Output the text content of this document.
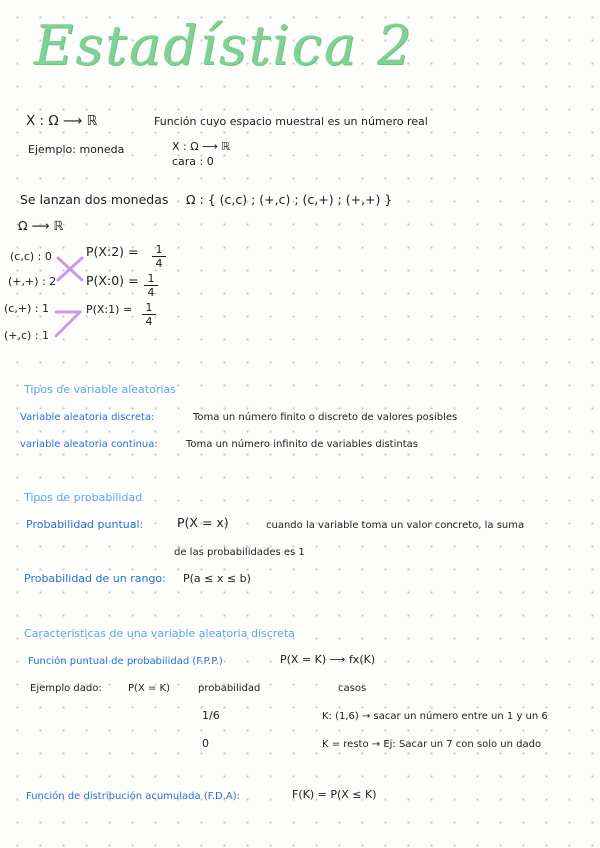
Estadística 2
X : Ω ⟶ ℝ	Función cuyo espacio muestral es un número real
Ejemplo: moneda	X : Ω ⟶ ℝ
cara : 0
Se lanzan dos monedas Ω : { (c,c) ; (+,c) ; (c,+) ; (+,+) }
Ω ⟶ ℝ
(c,c) : 0
(+,+) : 2
(c,+) : 1
(+,c) : 1
P(X:2) =	1
4
P(X:0) = 1
4
P(X:1) =	1
4
Tipos de variable aleatorias
Variable aleatoria discreta:	Toma un número finito o discreto de valores posibles
variable aleatoria continua:	Toma un número infinito de variables distintas
Tipos de probabilidad
Probabilidad puntual:	P(X = x)	cuando la variable toma un valor concreto, la suma
de las probabilidades es 1
Probabilidad de un rango: P(a ≤ x ≤ b)
Características de una variable aleatoria discreta
Función puntual de probabilidad (F.P.P.)	P(X = K) ⟶ fx(K)
Ejemplo dado:	P(X = K)	probabilidad	casos
1/6	K: (1,6) → sacar un número entre un 1 y un 6
0	K = resto → Ej: Sacar un 7 con solo un dado
Función de distribución acumulada (F.D.A):	F(K) = P(X ≤ K)
